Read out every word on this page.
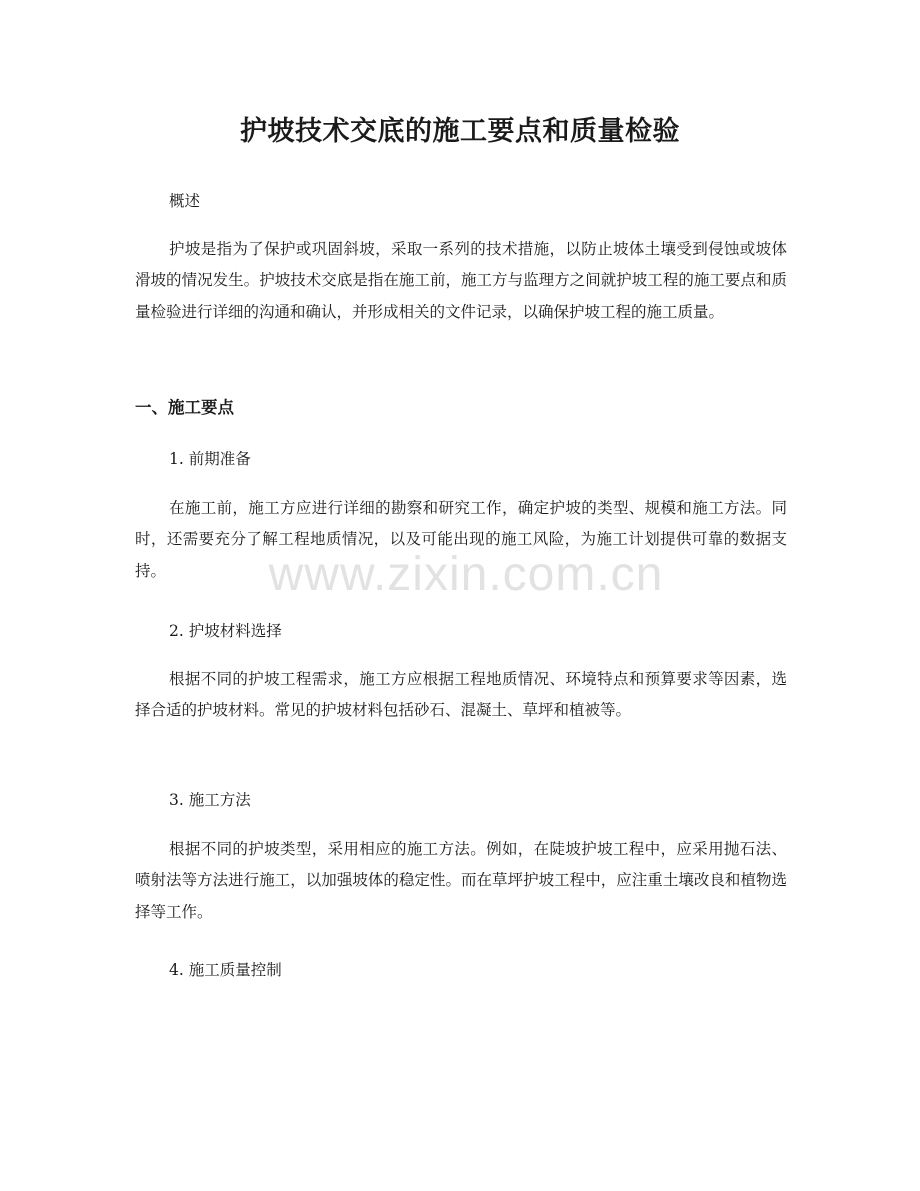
护坡技术交底的施工要点和质量检验

概述

护坡是指为了保护或巩固斜坡，采取一系列的技术措施，以防止坡体土壤受到侵蚀或坡体滑坡的情况发生。护坡技术交底是指在施工前，施工方与监理方之间就护坡工程的施工要点和质量检验进行详细的沟通和确认，并形成相关的文件记录，以确保护坡工程的施工质量。

一、施工要点

1. 前期准备

在施工前，施工方应进行详细的勘察和研究工作，确定护坡的类型、规模和施工方法。同时，还需要充分了解工程地质情况，以及可能出现的施工风险，为施工计划提供可靠的数据支持。

2. 护坡材料选择

根据不同的护坡工程需求，施工方应根据工程地质情况、环境特点和预算要求等因素，选择合适的护坡材料。常见的护坡材料包括砂石、混凝土、草坪和植被等。

3. 施工方法

根据不同的护坡类型，采用相应的施工方法。例如，在陡坡护坡工程中，应采用抛石法、喷射法等方法进行施工，以加强坡体的稳定性。而在草坪护坡工程中，应注重土壤改良和植物选择等工作。

4. 施工质量控制

www.zixin.com.cn
